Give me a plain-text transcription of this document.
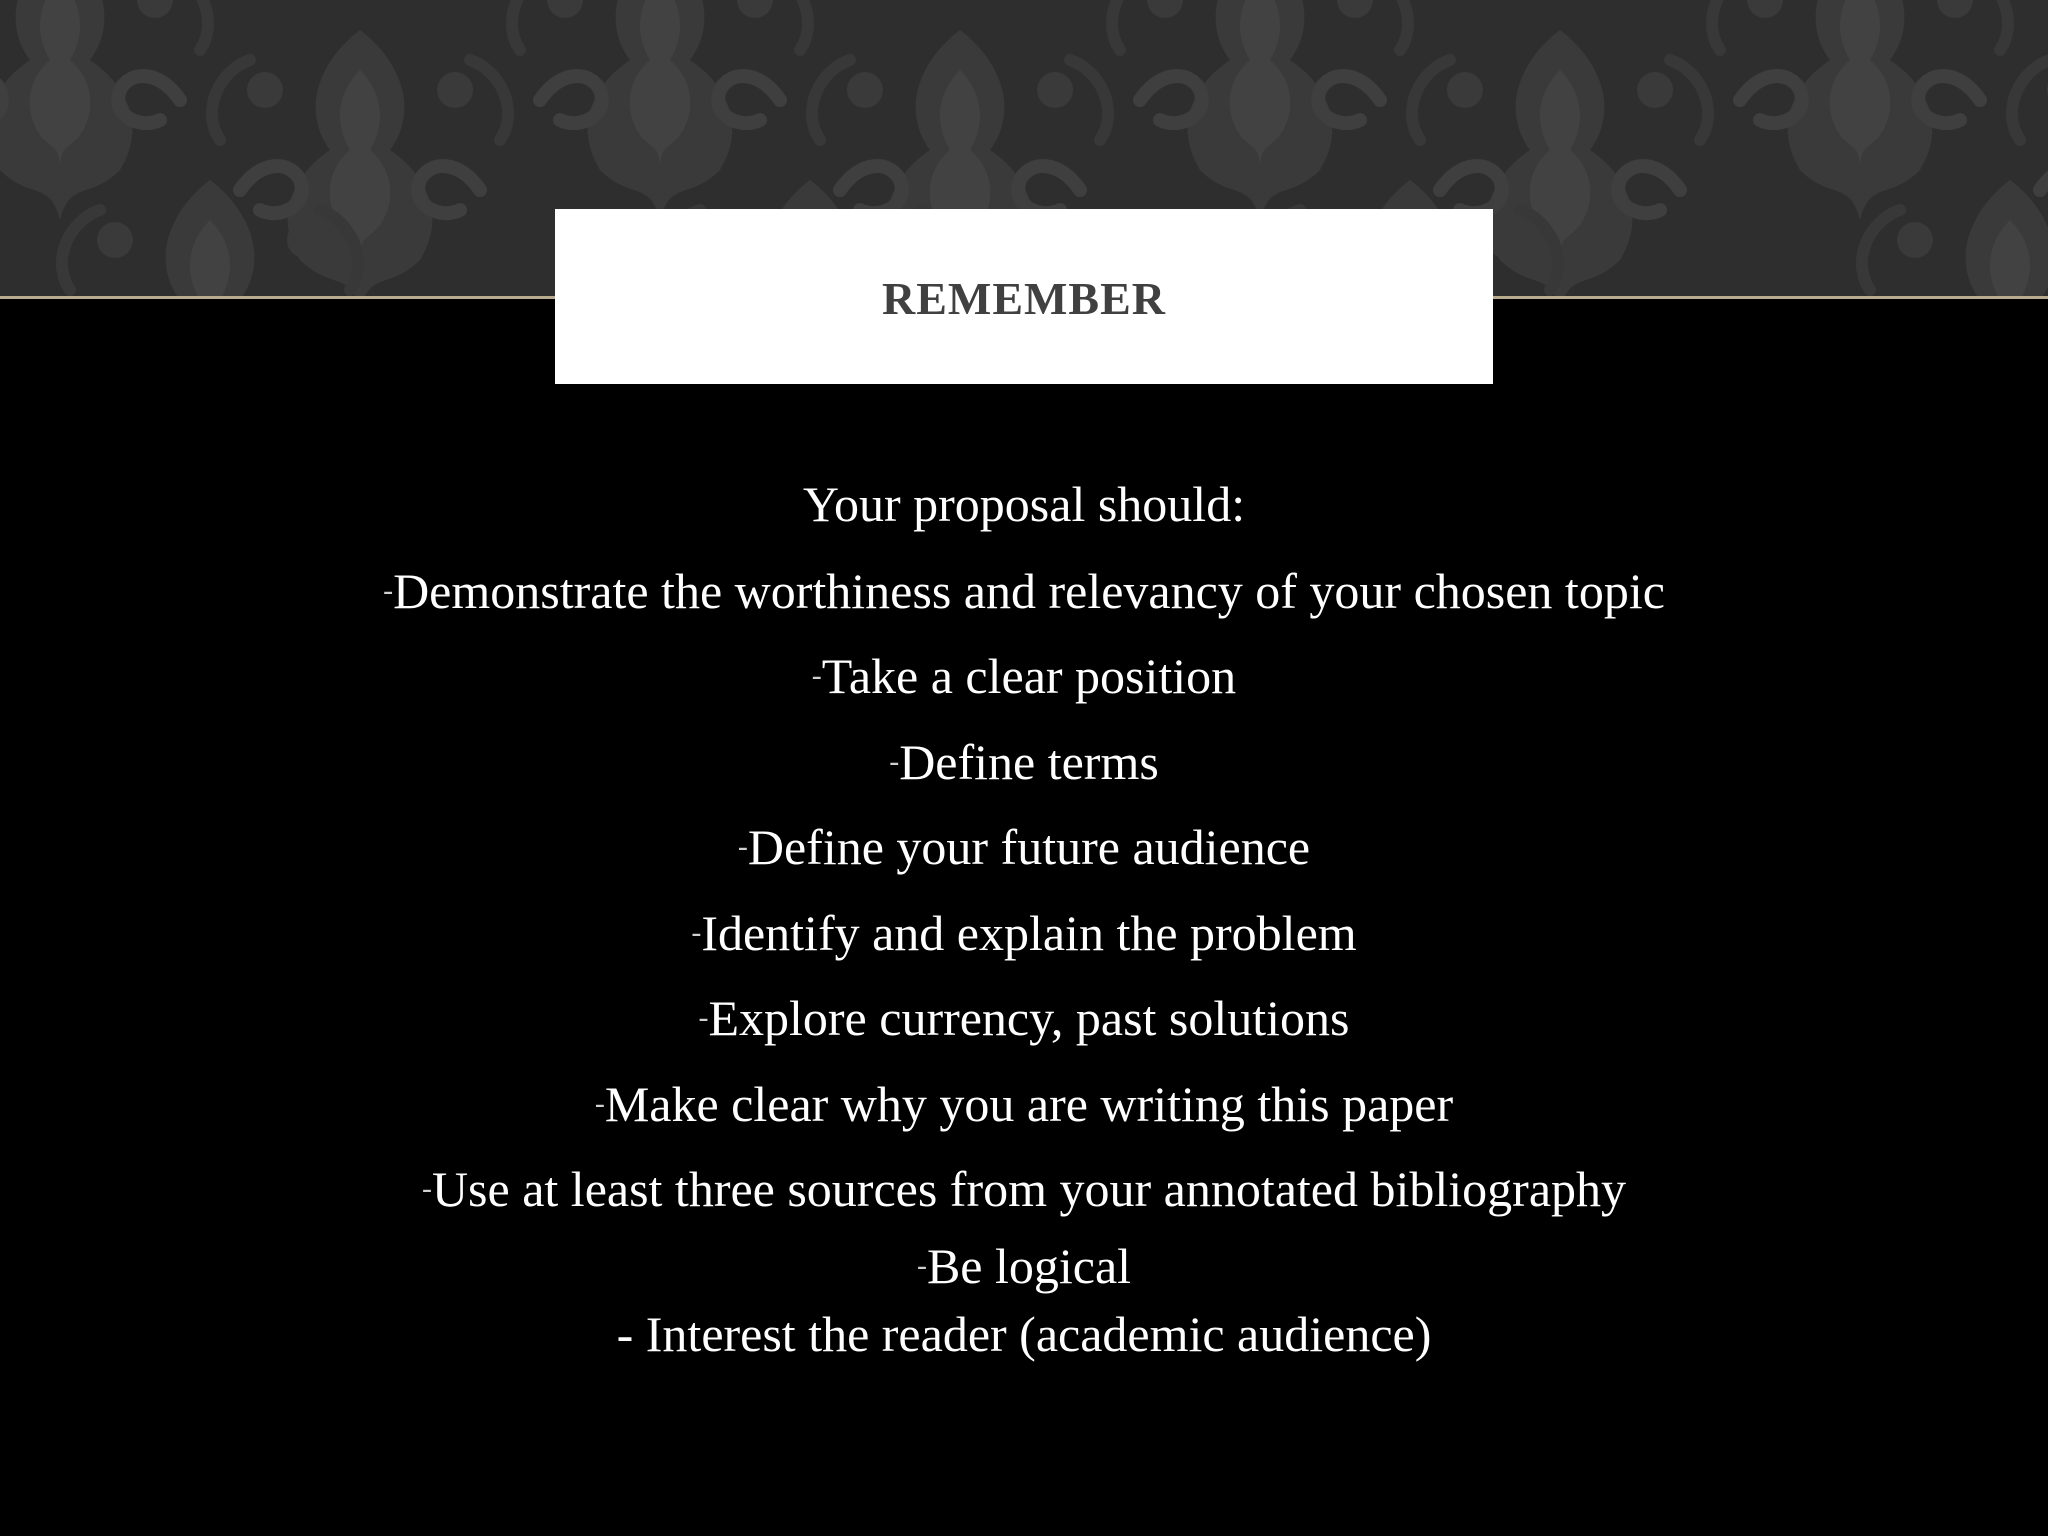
REMEMBER
Your proposal should:
-Demonstrate the worthiness and relevancy of your chosen topic
-Take a clear position
-Define terms
-Define your future audience
-Identify and explain the problem
-Explore currency, past solutions
-Make clear why you are writing this paper
-Use at least three sources from your annotated bibliography
-Be logical
- Interest the reader (academic audience)
